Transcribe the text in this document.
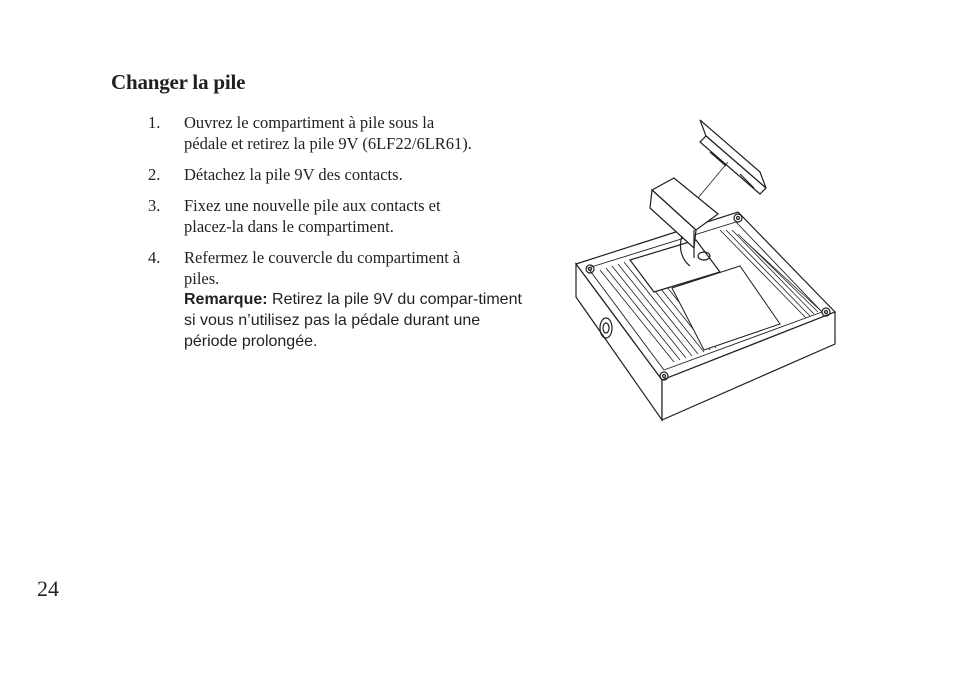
Changer la pile
1. Ouvrez le compartiment à pile sous la
pédale et retirez la pile 9V (6LF22/6LR61).
2. Détachez la pile 9V des contacts.
3. Fixez une nouvelle pile aux contacts et
placez-la dans le compartiment.
4. Refermez le couvercle du compartiment à
piles.
Remarque: Retirez la pile 9V du compar-timent si vous n’utilisez pas la pédale durant une période prolongée.
24
